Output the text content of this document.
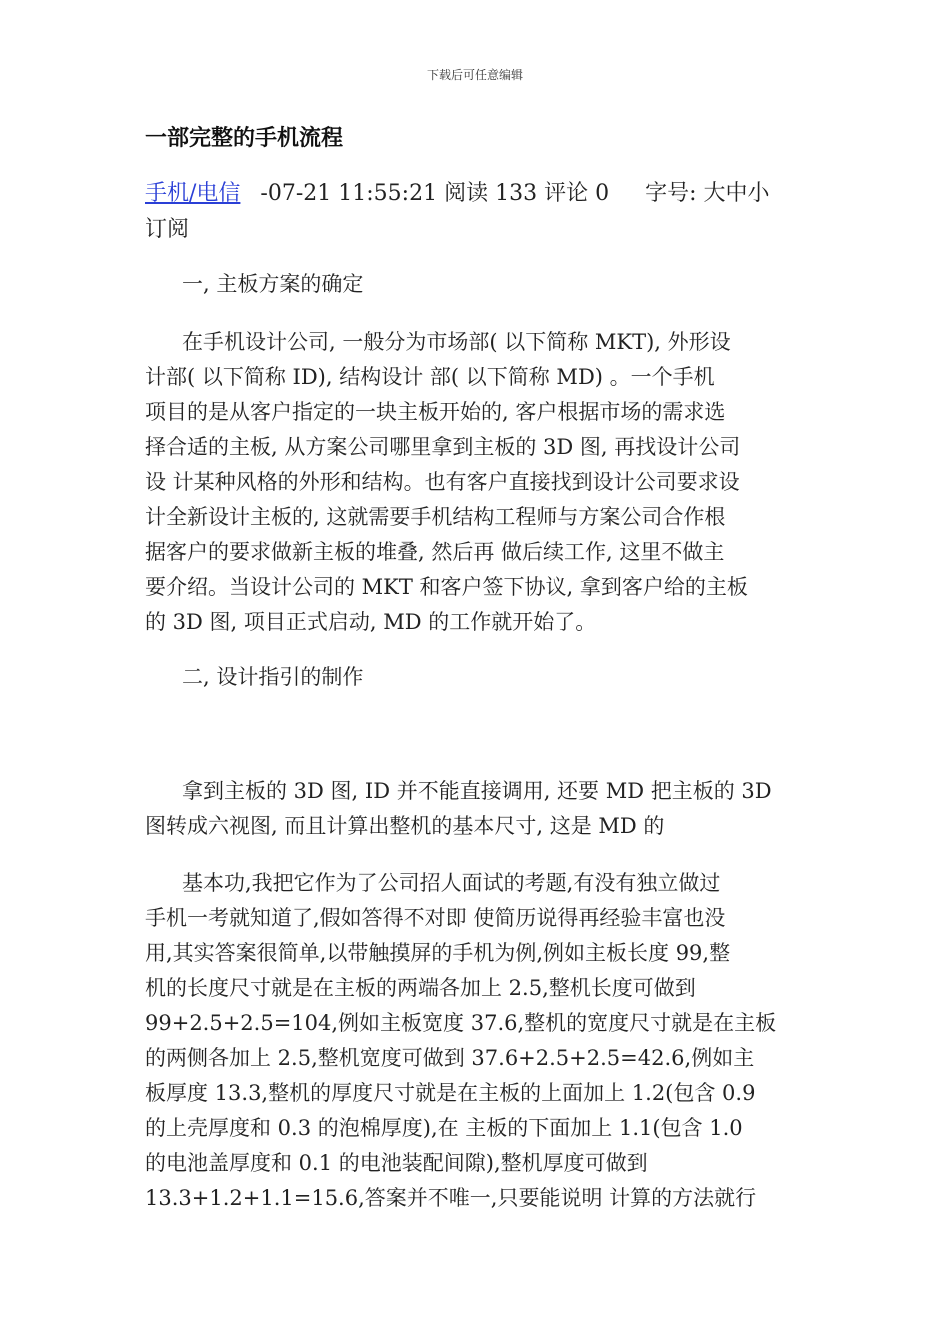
下载后可任意编辑
一部完整的手机流程
手机/电信 -07-21 11:55:21 阅读 133 评论 0 字号: 大中小
订阅
一, 主板方案的确定
在手机设计公司, 一般分为市场部( 以下简称 MKT), 外形设
计部( 以下简称 ID), 结构设计 部( 以下简称 MD) 。一个手机
项目的是从客户指定的一块主板开始的, 客户根据市场的需求选
择合适的主板, 从方案公司哪里拿到主板的 3D 图, 再找设计公司
设 计某种风格的外形和结构。也有客户直接找到设计公司要求设
计全新设计主板的, 这就需要手机结构工程师与方案公司合作根
据客户的要求做新主板的堆叠, 然后再 做后续工作, 这里不做主
要介绍。当设计公司的 MKT 和客户签下协议, 拿到客户给的主板
的 3D 图, 项目正式启动, MD 的工作就开始了。
二, 设计指引的制作
拿到主板的 3D 图, ID 并不能直接调用, 还要 MD 把主板的 3D
图转成六视图, 而且计算出整机的基本尺寸, 这是 MD 的
基本功,我把它作为了公司招人面试的考题,有没有独立做过
手机一考就知道了,假如答得不对即 使简历说得再经验丰富也没
用,其实答案很简单,以带触摸屏的手机为例,例如主板长度 99,整
机的长度尺寸就是在主板的两端各加上 2.5,整机长度可做到
99+2.5+2.5=104,例如主板宽度 37.6,整机的宽度尺寸就是在主板
的两侧各加上 2.5,整机宽度可做到 37.6+2.5+2.5=42.6,例如主
板厚度 13.3,整机的厚度尺寸就是在主板的上面加上 1.2(包含 0.9
的上壳厚度和 0.3 的泡棉厚度),在 主板的下面加上 1.1(包含 1.0
的电池盖厚度和 0.1 的电池装配间隙),整机厚度可做到
13.3+1.2+1.1=15.6,答案并不唯一,只要能说明 计算的方法就行
